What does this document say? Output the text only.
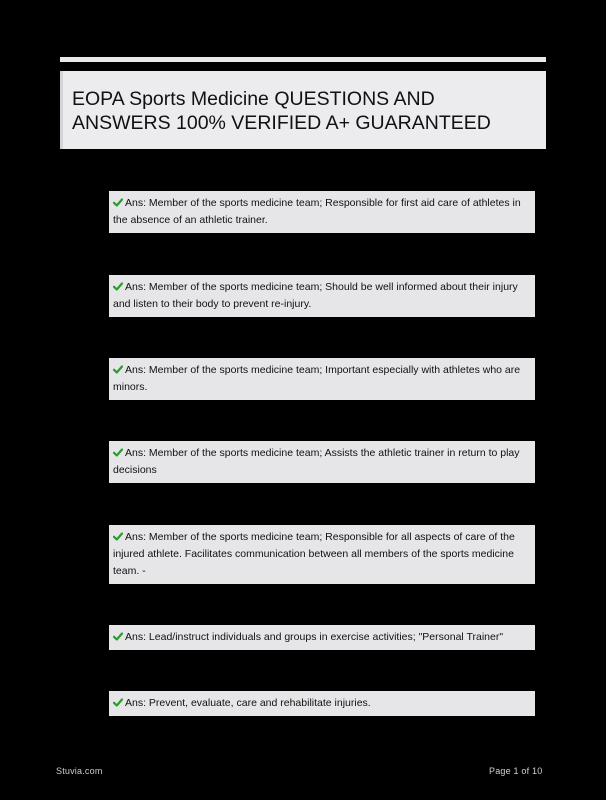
EOPA Sports Medicine QUESTIONS AND ANSWERS 100% VERIFIED A+ GUARANTEED
Ans: Member of the sports medicine team; Responsible for first aid care of athletes in the absence of an athletic trainer.
Ans: Member of the sports medicine team; Should be well informed about their injury and listen to their body to prevent re-injury.
Ans: Member of the sports medicine team; Important especially with athletes who are minors.
Ans: Member of the sports medicine team; Assists the athletic trainer in return to play decisions
Ans: Member of the sports medicine team; Responsible for all aspects of care of the injured athlete. Facilitates communication between all members of the sports medicine team. -
Ans: Lead/instruct individuals and groups in exercise activities; "Personal Trainer"
Ans: Prevent, evaluate, care and rehabilitate injuries.
Stuvia.com	Page 1 of 10
